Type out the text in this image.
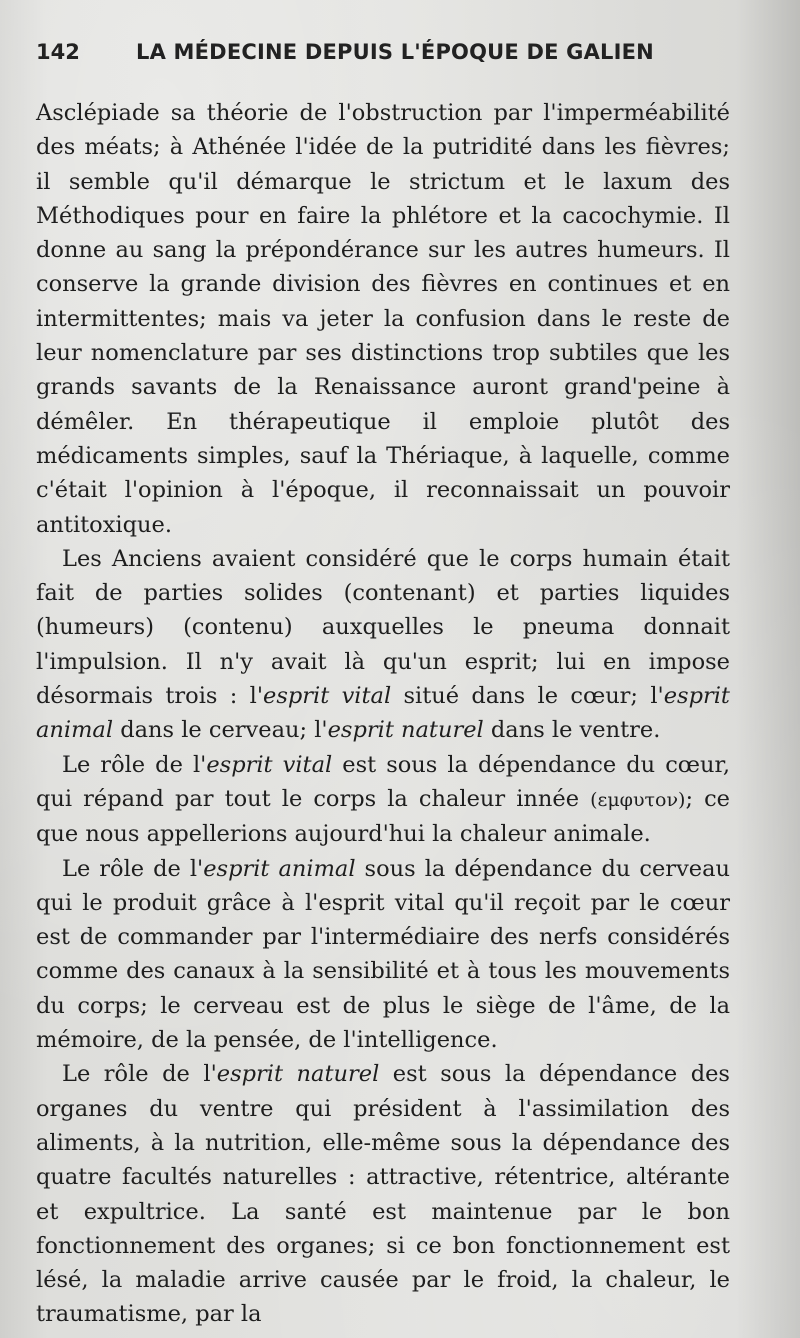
142	LA MÉDECINE DEPUIS L'ÉPOQUE DE GALIEN

Asclépiade sa théorie de l'obstruction par l'imperméabilité des méats; à Athénée l'idée de la putridité dans les fièvres; il semble qu'il démarque le strictum et le laxum des Méthodiques pour en faire la phlétore et la cacochymie. Il donne au sang la prépondérance sur les autres humeurs. Il conserve la grande division des fièvres en continues et en intermittentes; mais va jeter la confusion dans le reste de leur nomenclature par ses distinctions trop subtiles que les grands savants de la Renaissance auront grand'peine à démêler. En thérapeutique il emploie plutôt des médicaments simples, sauf la Thériaque, à laquelle, comme c'était l'opinion à l'époque, il reconnaissait un pouvoir antitoxique.

Les Anciens avaient considéré que le corps humain était fait de parties solides (contenant) et parties liquides (humeurs) (contenu) auxquelles le pneuma donnait l'impulsion. Il n'y avait là qu'un esprit; lui en impose désormais trois : l'esprit vital situé dans le cœur; l'esprit animal dans le cerveau; l'esprit naturel dans le ventre.

Le rôle de l'esprit vital est sous la dépendance du cœur, qui répand par tout le corps la chaleur innée (εμφυτον); ce que nous appellerions aujourd'hui la chaleur animale.

Le rôle de l'esprit animal sous la dépendance du cerveau qui le produit grâce à l'esprit vital qu'il reçoit par le cœur est de commander par l'intermédiaire des nerfs considérés comme des canaux à la sensibilité et à tous les mouvements du corps; le cerveau est de plus le siège de l'âme, de la mémoire, de la pensée, de l'intelligence.

Le rôle de l'esprit naturel est sous la dépendance des organes du ventre qui président à l'assimilation des aliments, à la nutrition, elle-même sous la dépendance des quatre facultés naturelles : attractive, rétentrice, altérante et expultrice. La santé est maintenue par le bon fonctionnement des organes; si ce bon fonctionnement est lésé, la maladie arrive causée par le froid, la chaleur, le traumatisme, par la
